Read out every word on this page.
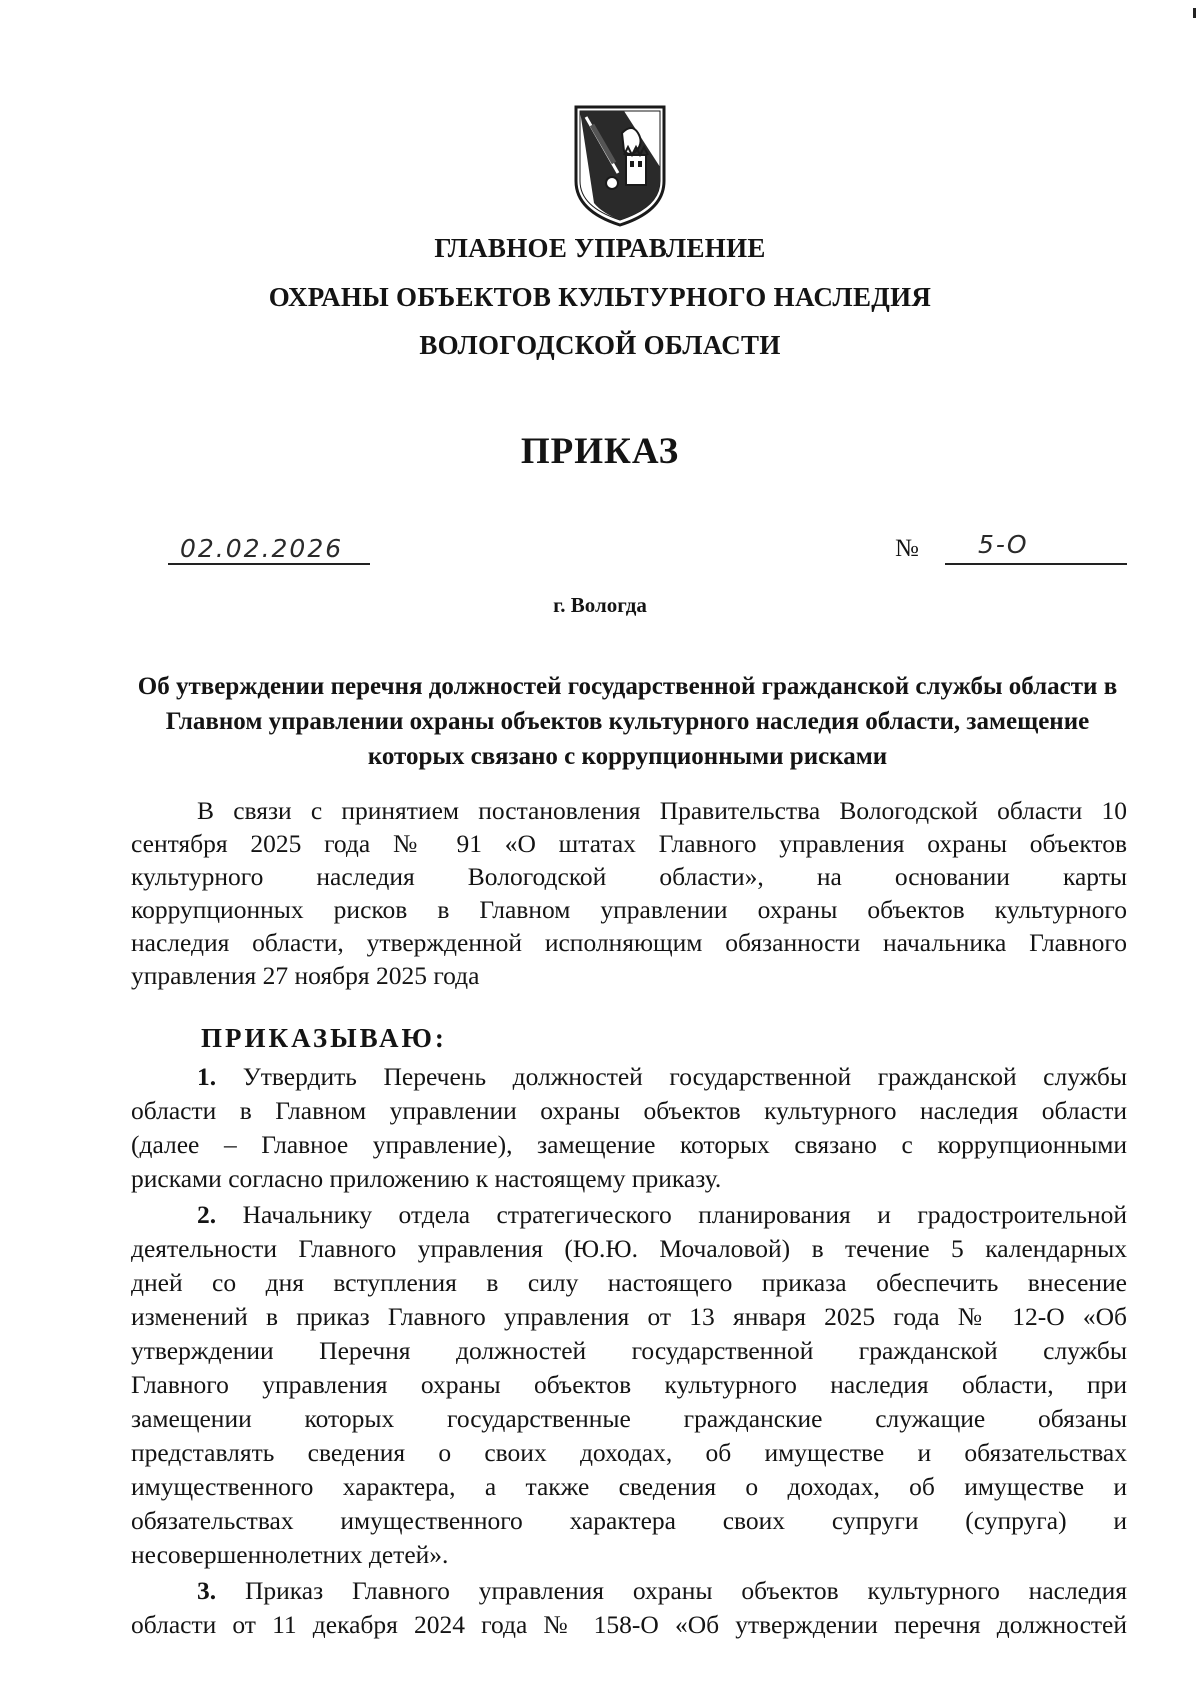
ГЛАВНОЕ УПРАВЛЕНИЕ
ОХРАНЫ ОБЪЕКТОВ КУЛЬТУРНОГО НАСЛЕДИЯ
ВОЛОГОДСКОЙ ОБЛАСТИ
ПРИКАЗ
02.02.2026	№ 5-О
г. Вологда
Об утверждении перечня должностей государственной гражданской службы области в Главном управлении охраны объектов культурного наследия области, замещение которых связано с коррупционными рисками
В связи с принятием постановления Правительства Вологодской области 10
сентября 2025 года № 91 «О штатах Главного управления охраны объектов
культурного наследия Вологодской области», на основании карты
коррупционных рисков в Главном управлении охраны объектов культурного
наследия области, утвержденной исполняющим обязанности начальника Главного
управления 27 ноября 2025 года
ПРИКАЗЫВАЮ:
1. Утвердить Перечень должностей государственной гражданской службы
области в Главном управлении охраны объектов культурного наследия области
(далее – Главное управление), замещение которых связано с коррупционными
рисками согласно приложению к настоящему приказу.
2. Начальнику отдела стратегического планирования и градостроительной
деятельности Главного управления (Ю.Ю. Мочаловой) в течение 5 календарных
дней со дня вступления в силу настоящего приказа обеспечить внесение
изменений в приказ Главного управления от 13 января 2025 года № 12-О «Об
утверждении Перечня должностей государственной гражданской службы
Главного управления охраны объектов культурного наследия области, при
замещении которых государственные гражданские служащие обязаны
представлять сведения о своих доходах, об имуществе и обязательствах
имущественного характера, а также сведения о доходах, об имуществе и
обязательствах имущественного характера своих супруги (супруга) и
несовершеннолетних детей».
3. Приказ Главного управления охраны объектов культурного наследия
области от 11 декабря 2024 года № 158-О «Об утверждении перечня должностей
